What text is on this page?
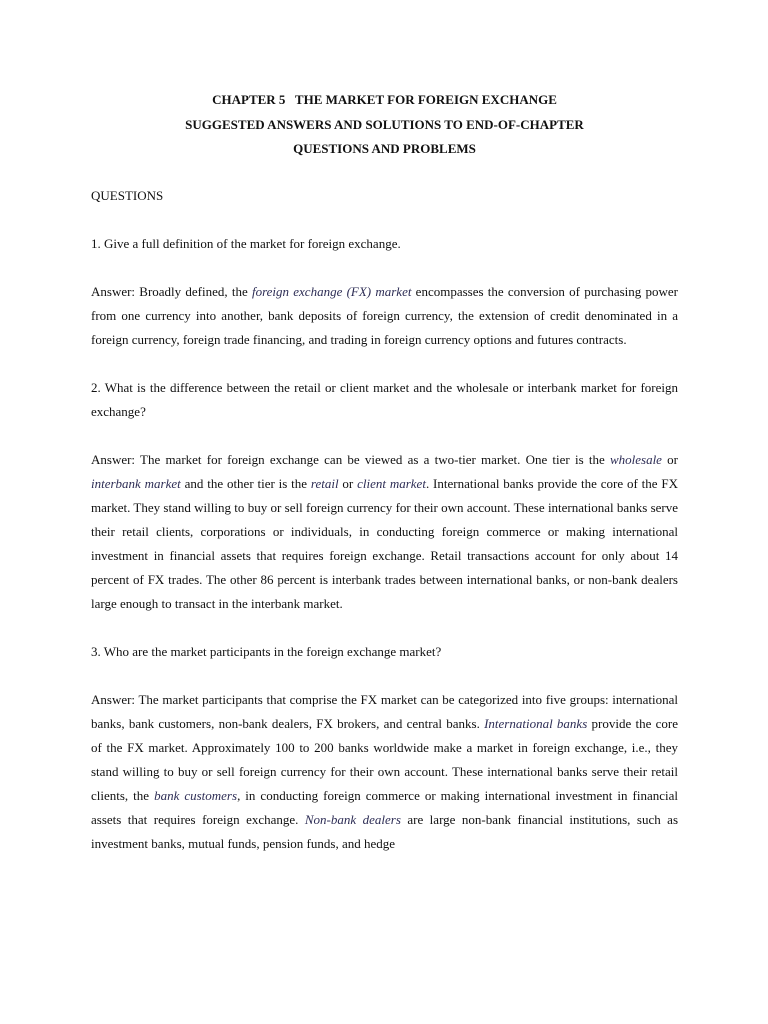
CHAPTER 5   THE MARKET FOR FOREIGN EXCHANGE
SUGGESTED ANSWERS AND SOLUTIONS TO END-OF-CHAPTER
QUESTIONS AND PROBLEMS
QUESTIONS

1. Give a full definition of the market for foreign exchange.

Answer: Broadly defined, the foreign exchange (FX) market encompasses the conversion of purchasing power from one currency into another, bank deposits of foreign currency, the extension of credit denominated in a foreign currency, foreign trade financing, and trading in foreign currency options and futures contracts.

2. What is the difference between the retail or client market and the wholesale or interbank market for foreign exchange?

Answer: The market for foreign exchange can be viewed as a two-tier market. One tier is the wholesale or interbank market and the other tier is the retail or client market. International banks provide the core of the FX market. They stand willing to buy or sell foreign currency for their own account. These international banks serve their retail clients, corporations or individuals, in conducting foreign commerce or making international investment in financial assets that requires foreign exchange. Retail transactions account for only about 14 percent of FX trades. The other 86 percent is interbank trades between international banks, or non-bank dealers large enough to transact in the interbank market.

3. Who are the market participants in the foreign exchange market?

Answer: The market participants that comprise the FX market can be categorized into five groups: international banks, bank customers, non-bank dealers, FX brokers, and central banks. International banks provide the core of the FX market. Approximately 100 to 200 banks worldwide make a market in foreign exchange, i.e., they stand willing to buy or sell foreign currency for their own account. These international banks serve their retail clients, the bank customers, in conducting foreign commerce or making international investment in financial assets that requires foreign exchange. Non-bank dealers are large non-bank financial institutions, such as investment banks, mutual funds, pension funds, and hedge
